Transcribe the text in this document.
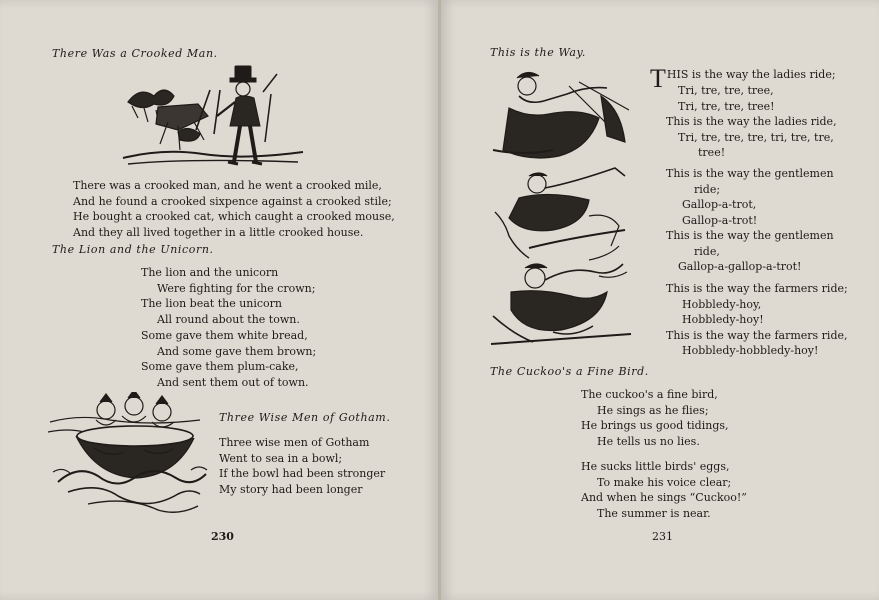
There Was a Crooked Man.
There was a crooked man, and he went a crooked mile,
And he found a crooked sixpence against a crooked stile;
He bought a crooked cat, which caught a crooked mouse,
And they all lived together in a little crooked house.
The Lion and the Unicorn.
The lion and the unicorn
Were fighting for the crown;
The lion beat the unicorn
All round about the town.
Some gave them white bread,
And some gave them brown;
Some gave them plum-cake,
And sent them out of town.
Three Wise Men of Gotham.
Three wise men of Gotham
Went to sea in a bowl;
If the bowl had been stronger
My story had been longer
230
This is the Way.
THIS is the way the ladies ride;
Tri, tre, tre, tree,
Tri, tre, tre, tree!
This is the way the ladies ride,
Tri, tre, tre, tre, tri, tre, tre,
tree!
This is the way the gentlemen
ride;
Gallop-a-trot,
Gallop-a-trot!
This is the way the gentlemen
ride,
Gallop-a-gallop-a-trot!
This is the way the farmers ride;
Hobbledy-hoy,
Hobbledy-hoy!
This is the way the farmers ride,
Hobbledy-hobbledy-hoy!
The Cuckoo's a Fine Bird.
The cuckoo's a fine bird,
He sings as he flies;
He brings us good tidings,
He tells us no lies.
He sucks little birds' eggs,
To make his voice clear;
And when he sings “Cuckoo!”
The summer is near.
231
